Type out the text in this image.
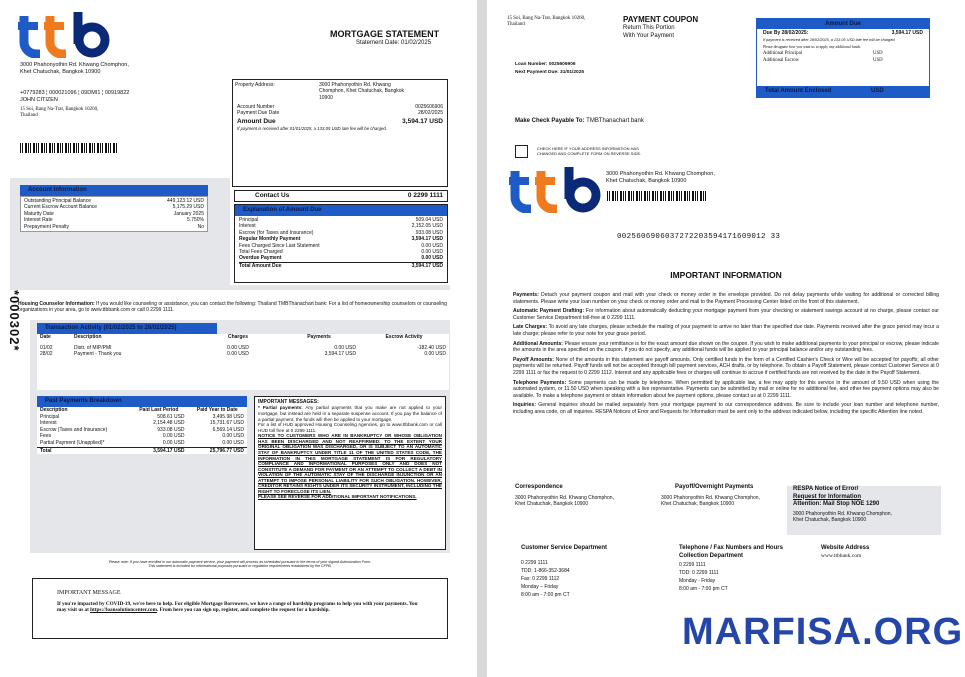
3000 Phahonyothin Rd. Khwang Chomphon,
Khet Chatuchak, Bangkok 10900
+0779283 ¦ 000021096 ¦ 09DMI1 ¦ 00919822
JOHN CITIZEN
15 Soi, Bang Na-Trat, Bangkok 10260,
Thailand
MORTGAGE STATEMENT
Statement Date: 01/02/2025
Property Address:	3000 Phahonyothin Rd. Khwang
Chomphon, Khet Chatuchak, Bangkok
10900
Account Number	0025606906
Payment Due Date	28/02/2025
Amount Due	3,594.17 USD
If payment is received after 01/01/2025, a 133.05 USD late fee will be charged.
Contact Us	0 2299 1111
Explanation of Amount Due
Principal	509.04 USD
Interest	2,152.05 USD
Escrow (for Taxes and Insurance)	933.08 USD
Regular Monthly Payment	3,594.17 USD
Fees Charged Since Last Statement	0.00 USD
Total Fees Charged	0.00 USD
Overdue Payment	0.00 USD
Total Amount Due	3,594.17 USD
Account Information
Outstanding Principal Balance	449,123.12 USD
Current Escrow Account Balance	5,175.29 USD
Maturity Date	January 2025
Interest Rate	5.750%
Prepayment Penalty	No
*000302*
Housing Counselor Information: If you would like counseling or assistance, you can contact the following: Thailand TMBThanachart bank: For a list of homeownership counselors or counseling organizations in your area, go to www.ttbbank.com or call 0 2299 1111.
Transaction Activity (01/02/2025 to 28/02/2025)
Date	Description	Charges	Payments	Escrow Activity
01/02	Distr. of MIP/PMI	0.00 USD	0.00 USD	-182.40 USD
28/02	Payment - Thank you	0.00 USD	3,594.17 USD	0.00 USD
Past Payments Breakdown
Description	Paid Last Period	Paid Year to Date
Principal	508.61 USD	3,495.98 USD
Interest	2,154.48 USD	15,731.67 USD
Escrow (Taxes and Insurance)	933.08 USD	6,569.14 USD
Fees	0.00 USD	0.00 USD
Partial Payment (Unapplied)*	0.00 USD	0.00 USD
Total	3,594.17 USD	25,796.77 USD
IMPORTANT MESSAGES:
* Partial payments: Any partial payments that you make are not applied to your mortgage, but instead are held in a separate suspense account. If you pay the balance of a partial payment, the funds will then be applied to your mortgage.
For a list of HUD approved Housing Counseling Agencies, go to www.ttbbank.com or call HUD toll free at 0 2299 1111.
NOTICE TO CUSTOMERS WHO ARE IN BANKRUPTCY OR WHOSE OBLIGATION HAS BEEN DISCHARGED AND NOT REAFFIRMED: TO THE EXTENT YOUR ORIGINAL OBLIGATION WAS DISCHARGED, OR IS SUBJECT TO AN AUTOMATIC STAY OF BANKRUPTCY UNDER TITLE 11 OF THE UNITED STATES CODE, THE INFORMATION IN THIS MORTGAGE STATEMENT IS FOR REGULATORY COMPLIANCE AND INFORMATIONAL PURPOSES ONLY AND DOES NOT CONSTITUTE A DEMAND FOR PAYMENT OR AN ATTEMPT TO COLLECT A DEBT IN VIOLATION OF THE AUTOMATIC STAY OF THE DISCHARGE INJUNCTION OR AN ATTEMPT TO IMPOSE PERSONAL LIABILITY FOR SUCH OBLIGATION. HOWEVER, CREDITOR RETAINS RIGHTS UNDER ITS SECURITY INSTRUMENT, INCLUDING THE RIGHT TO FORECLOSE ITS LIEN.
PLEASE SEE REVERSE FOR ADDITIONAL IMPORTANT NOTIFICATIONS.
Please note: If you have enrolled in our automatic payment service, your payment will process as scheduled pursuant to the terms of your signed Authorization Form.
This statement is included for informational purposes pursuant to regulation requirements established by the CFPB.
IMPORTANT MESSAGE
If you're impacted by COVID-19, we're here to help. For eligible Mortgage Borrowers, we have a range of hardship programs to help you with your payments. You may visit us at https://loansolutioncenter.com. From here you can sign up, register, and complete the request for a hardship.
15 Soi, Bang Na-Trat, Bangkok 10260,
Thailand
PAYMENT COUPON
Return This Portion
With Your Payment
Amount Due
Due By 28/02/2025:	3,594.17 USD
If payment is received after 28/02/2025, a 133.05 USD late fee will be charged.
Please designate how you want us to apply any additional funds.
Additional Principal	USD
Additional Escrow	USD
Total Amount Enclosed	USD
Loan Number: 0025606906
Next Payment Due: 31/01/2025
Make Check Payable To: TMBThanachart bank
CHECK HERE IF YOUR ADDRESS INFORMATION HAS
CHANGED AND COMPLETE FORM ON REVERSE SIDE.
3000 Phahonyothin Rd. Khwang Chomphon,
Khet Chatuchak, Bangkok 10900
0025606906037272203594171609012 33
IMPORTANT INFORMATION

Payments: Detach your payment coupon and mail with your check or money order in the envelope provided. Do not delay payments while waiting for additional or corrected billing statements. Please write your loan number on your check or money order and mail to the Payment Processing Center listed on the front of this statement.

Automatic Payment Drafting: For information about automatically deducting your mortgage payment from your checking or statement savings account at no charge, please contact our Customer Service Department toll-free at 0 2299 1111.

Late Charges: To avoid any late charges, please schedule the mailing of your payment to arrive no later than the specified due date. Payments received after the grace period may incur a late charge; please refer to your note for your grace period.

Additional Amounts: Please ensure your remittance is for the exact amount due shown on the coupon. If you wish to make additional payments to your principal or escrow, please indicate the amounts in the area specified on the coupon. If you do not specify, any additional funds will be applied to your principal balance and/or any outstanding fees.

Payoff Amounts: None of the amounts in this statement are payoff amounts. Only certified funds in the form of a Certified Cashier's Check or Wire will be accepted for payoffs; all other payments will be returned. Payoff funds will not be accepted through bill payment services, ACH drafts, or by telephone. To obtain a Payoff Statement, please contact Customer Service at 0 2299 1111 or fax the request to 0 2299 1112. Interest and any applicable fees or charges will continue to accrue if certified funds are not received by the date in the Payoff Statement.

Telephone Payments: Some payments can be made by telephone. When permitted by applicable law, a fee may apply for this service in the amount of 9.50 USD when using the automated system, or 11.50 USD when speaking with a live representative. Payments can be submitted by mail or online for no additional fee, and other fee payment options may also be available. To make a telephone payment or obtain information about fee payment options, please contact us at 0 2299 1111.

Inquiries: General inquiries should be mailed separately from your mortgage payment to our correspondence address. Be sure to include your loan number and telephone number, including area code, on all inquiries. RESPA Notices of Error and Requests for Information must be sent only to the address indicated below, including the specific Attention line noted.

Correspondence
3000 Phahonyothin Rd. Khwang Chomphon,
Khet Chatuchak, Bangkok 10900
Payoff/Overnight Payments
3000 Phahonyothin Rd. Khwang Chomphon,
Khet Chatuchak, Bangkok 10900
RESPA Notice of Error/
Request for Information
Attention: Mail Stop NOE 1290
3000 Phahonyothin Rd. Khwang Chomphon,
Khet Chatuchak, Bangkok 10900
Customer Service Department
0 2299 1111
TDD: 1-866-352-3684
Fax: 0 2299 1112
Monday – Friday
8:00 am - 7:00 pm CT
Telephone / Fax Numbers and Hours
Collection Department
0 2299 1111
TDD: 0 2299 1111
Monday - Friday
8:00 am - 7:00 pm CT
Website Address
www.ttbbank.com
MARFISA.ORG
